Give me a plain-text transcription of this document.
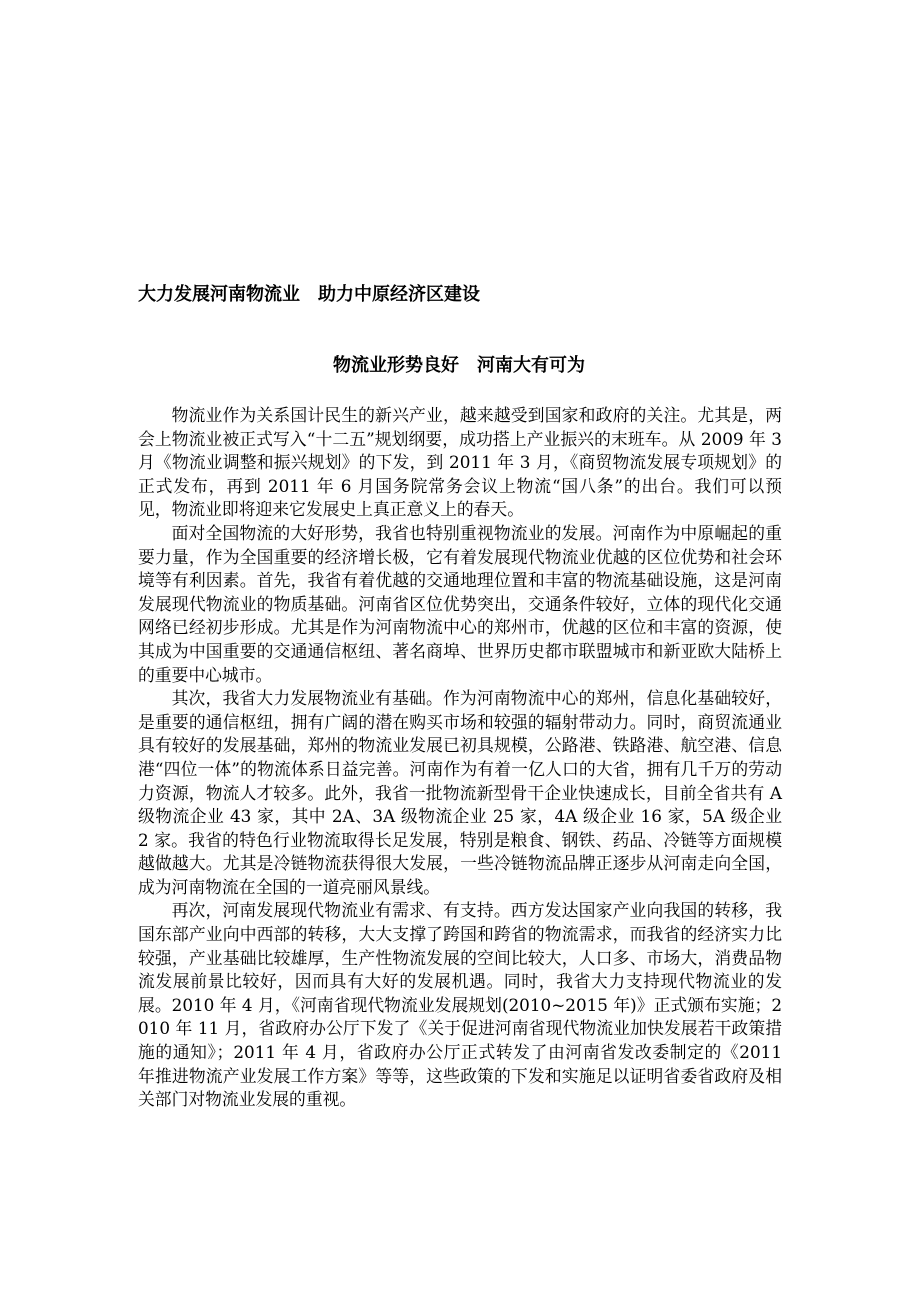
大力发展河南物流业　助力中原经济区建设
物流业形势良好　河南大有可为

物流业作为关系国计民生的新兴产业，越来越受到国家和政府的关注。尤其是，两会上物流业被正式写入“十二五”规划纲要，成功搭上产业振兴的末班车。从 2009 年 3 月《物流业调整和振兴规划》的下发，到 2011 年 3 月，《商贸物流发展专项规划》的正式发布，再到 2011 年 6 月国务院常务会议上物流“国八条”的出台。我们可以预见，物流业即将迎来它发展史上真正意义上的春天。

面对全国物流的大好形势，我省也特别重视物流业的发展。河南作为中原崛起的重要力量，作为全国重要的经济增长极，它有着发展现代物流业优越的区位优势和社会环境等有利因素。首先，我省有着优越的交通地理位置和丰富的物流基础设施，这是河南发展现代物流业的物质基础。河南省区位优势突出，交通条件较好，立体的现代化交通网络已经初步形成。尤其是作为河南物流中心的郑州市，优越的区位和丰富的资源，使其成为中国重要的交通通信枢纽、著名商埠、世界历史都市联盟城市和新亚欧大陆桥上的重要中心城市。

其次，我省大力发展物流业有基础。作为河南物流中心的郑州，信息化基础较好，是重要的通信枢纽，拥有广阔的潜在购买市场和较强的辐射带动力。同时，商贸流通业具有较好的发展基础，郑州的物流业发展已初具规模，公路港、铁路港、航空港、信息港“四位一体”的物流体系日益完善。河南作为有着一亿人口的大省，拥有几千万的劳动力资源，物流人才较多。此外，我省一批物流新型骨干企业快速成长，目前全省共有 A 级物流企业 43 家，其中 2A、3A 级物流企业 25 家，4A 级企业 16 家，5A 级企业 2 家。我省的特色行业物流取得长足发展，特别是粮食、钢铁、药品、冷链等方面规模越做越大。尤其是冷链物流获得很大发展，一些冷链物流品牌正逐步从河南走向全国，成为河南物流在全国的一道亮丽风景线。

再次，河南发展现代物流业有需求、有支持。西方发达国家产业向我国的转移，我国东部产业向中西部的转移，大大支撑了跨国和跨省的物流需求，而我省的经济实力比较强，产业基础比较雄厚，生产性物流发展的空间比较大，人口多、市场大，消费品物流发展前景比较好，因而具有大好的发展机遇。同时，我省大力支持现代物流业的发展。2010 年 4 月，《河南省现代物流业发展规划(2010~2015 年)》正式颁布实施；2010 年 11 月，省政府办公厅下发了《关于促进河南省现代物流业加快发展若干政策措施的通知》；2011 年 4 月，省政府办公厅正式转发了由河南省发改委制定的《2011 年推进物流产业发展工作方案》等等，这些政策的下发和实施足以证明省委省政府及相关部门对物流业发展的重视。
